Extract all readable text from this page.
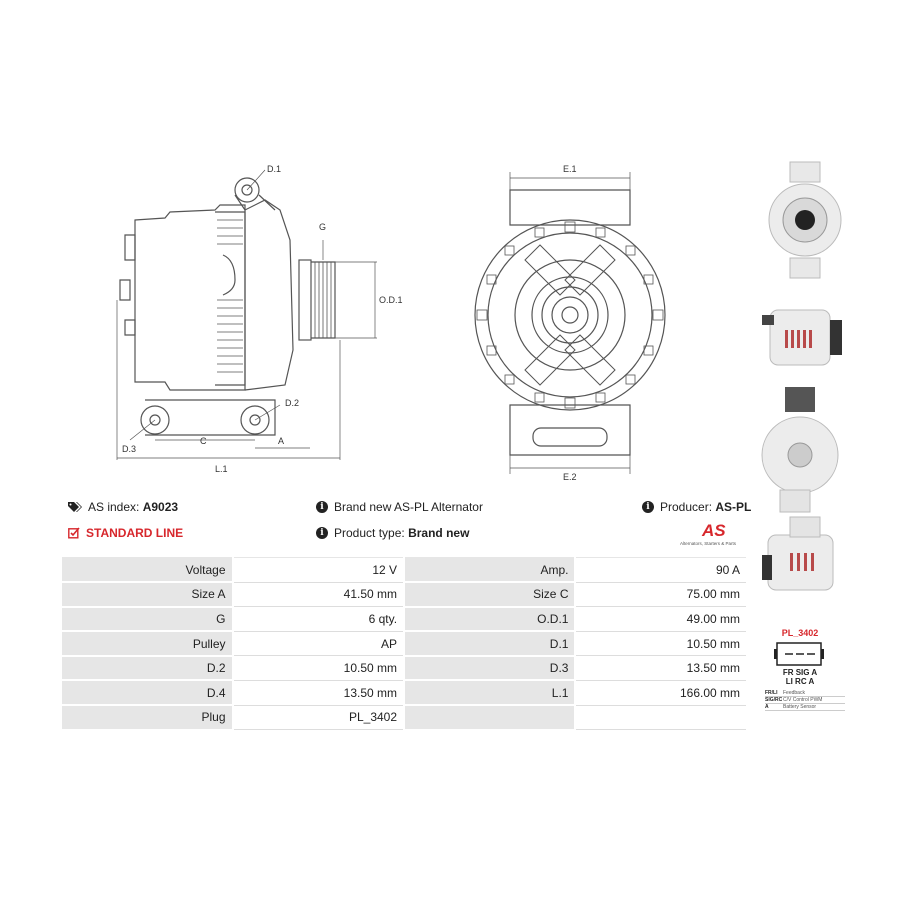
D.1
G
O.D.1
D.2
D.3
C	A
L.1
E.1
E.2
AS index:
A9023	i Brand new AS-PL Alternator	i Producer:
AS-PL
STANDARD LINE	i Product type:
Brand new	AS
Alternators, Starters & Parts
Voltage	12 V	Amp.	90 A
Size A	41.50 mm	Size C	75.00 mm
G	6 qty.	O.D.1	49.00 mm
Pulley	AP	D.1	10.50 mm
D.2	10.50 mm	D.3	13.50 mm
D.4	13.50 mm	L.1	166.00 mm
Plug	PL_3402		
PL_3402
FR SIG A
LI RC A
FR/LI	Feedback
SIG/RC C/V Control PWM
A	Battery Sensor
